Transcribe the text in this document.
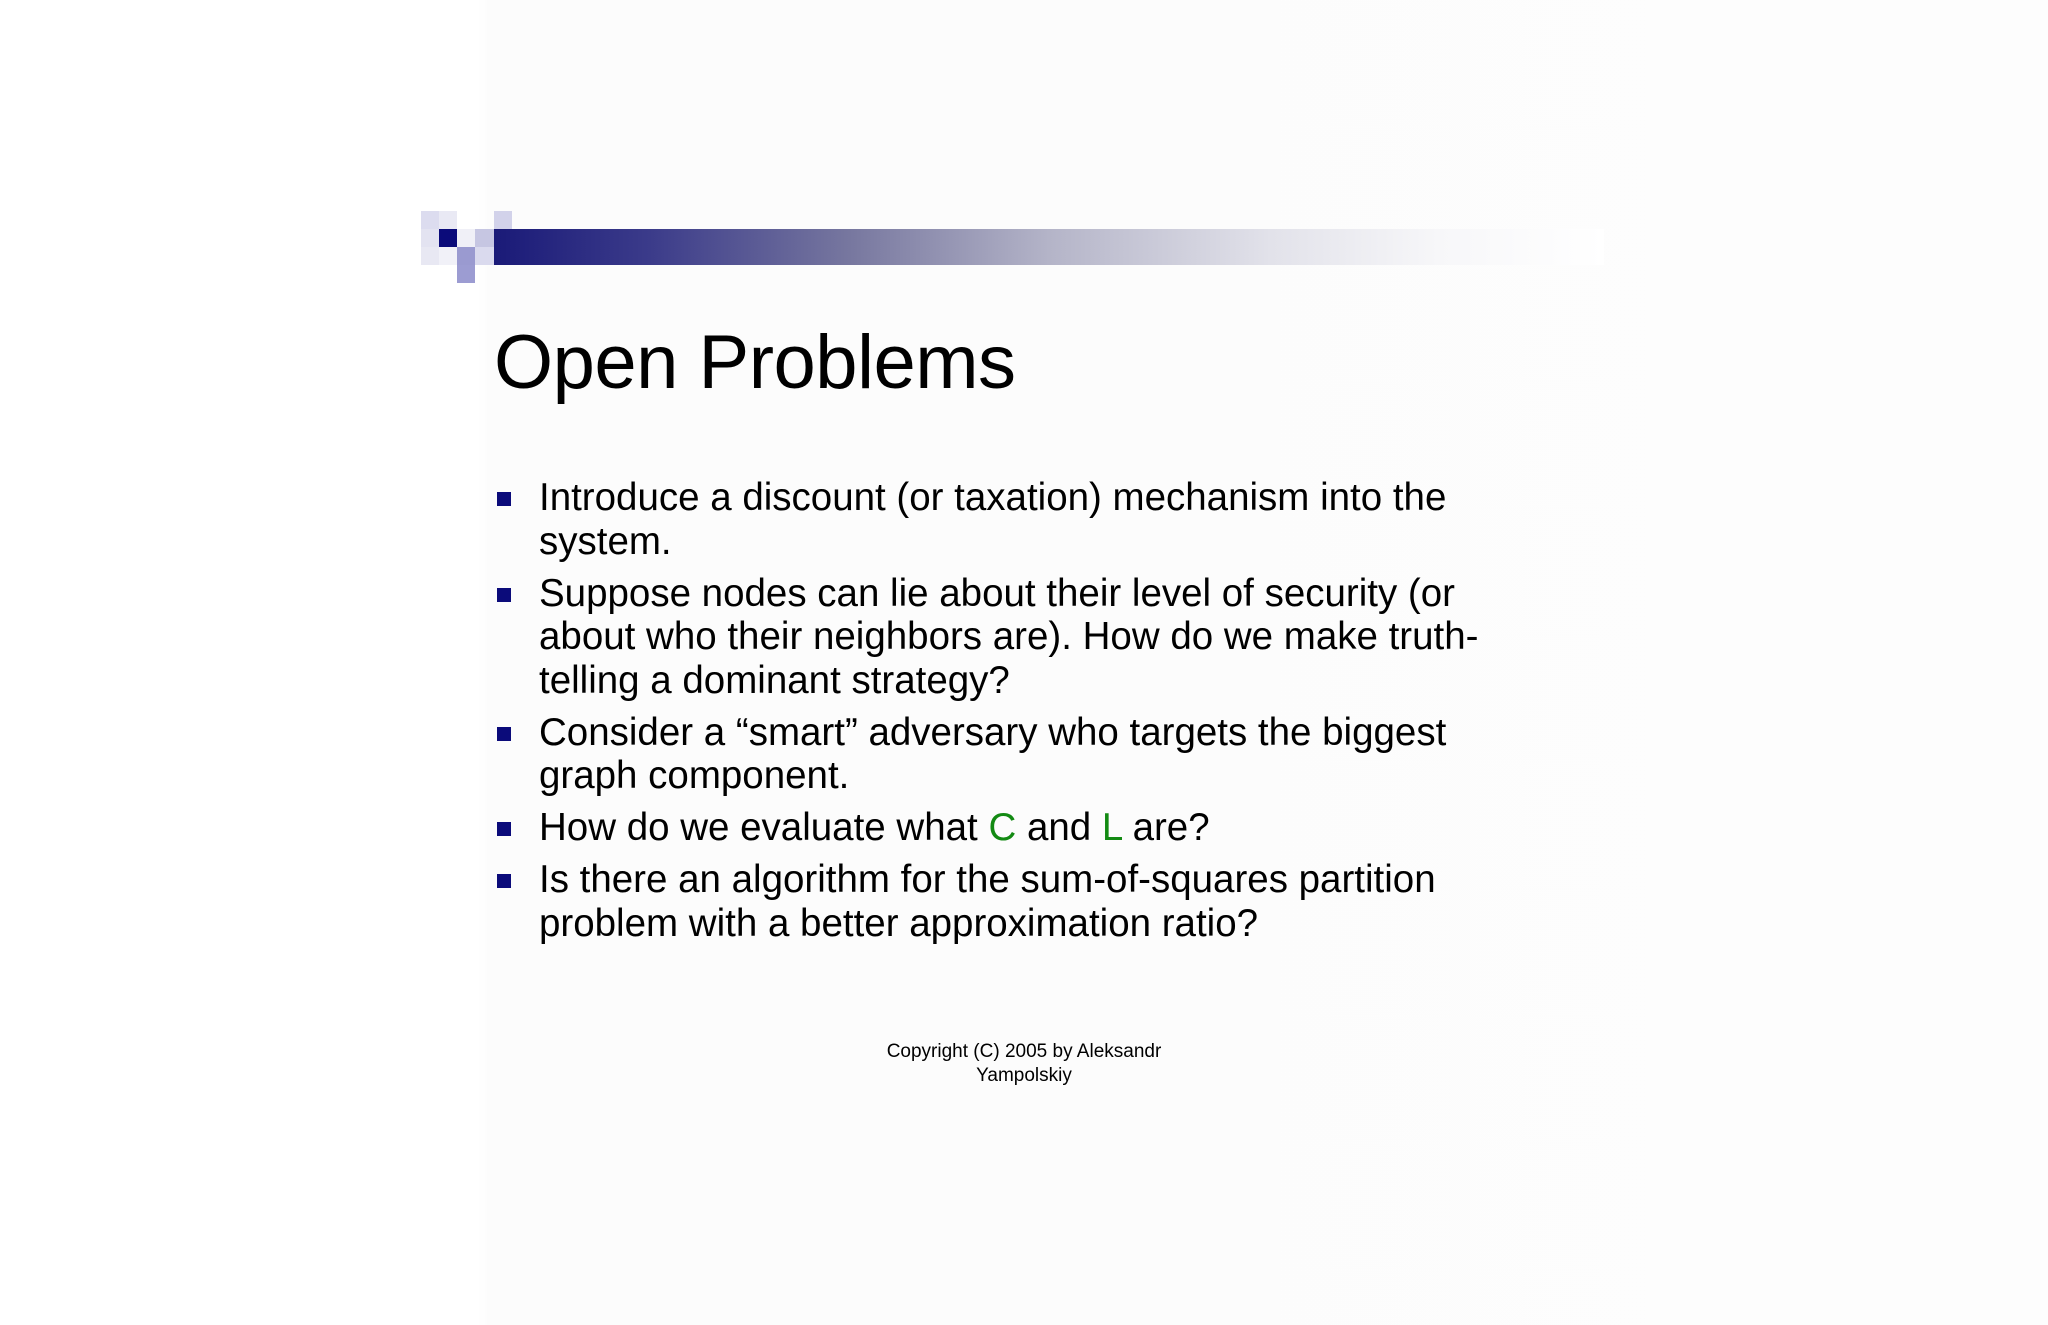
Open Problems
Introduce a discount (or taxation) mechanism into the
system.
Suppose nodes can lie about their level of security (or
about who their neighbors are). How do we make truth-
telling a dominant strategy?
Consider a “smart” adversary who targets the biggest
graph component.
How do we evaluate what C and L are?
Is there an algorithm for the sum-of-squares partition
problem with a better approximation ratio?
Copyright (C) 2005 by Aleksandr
Yampolskiy
